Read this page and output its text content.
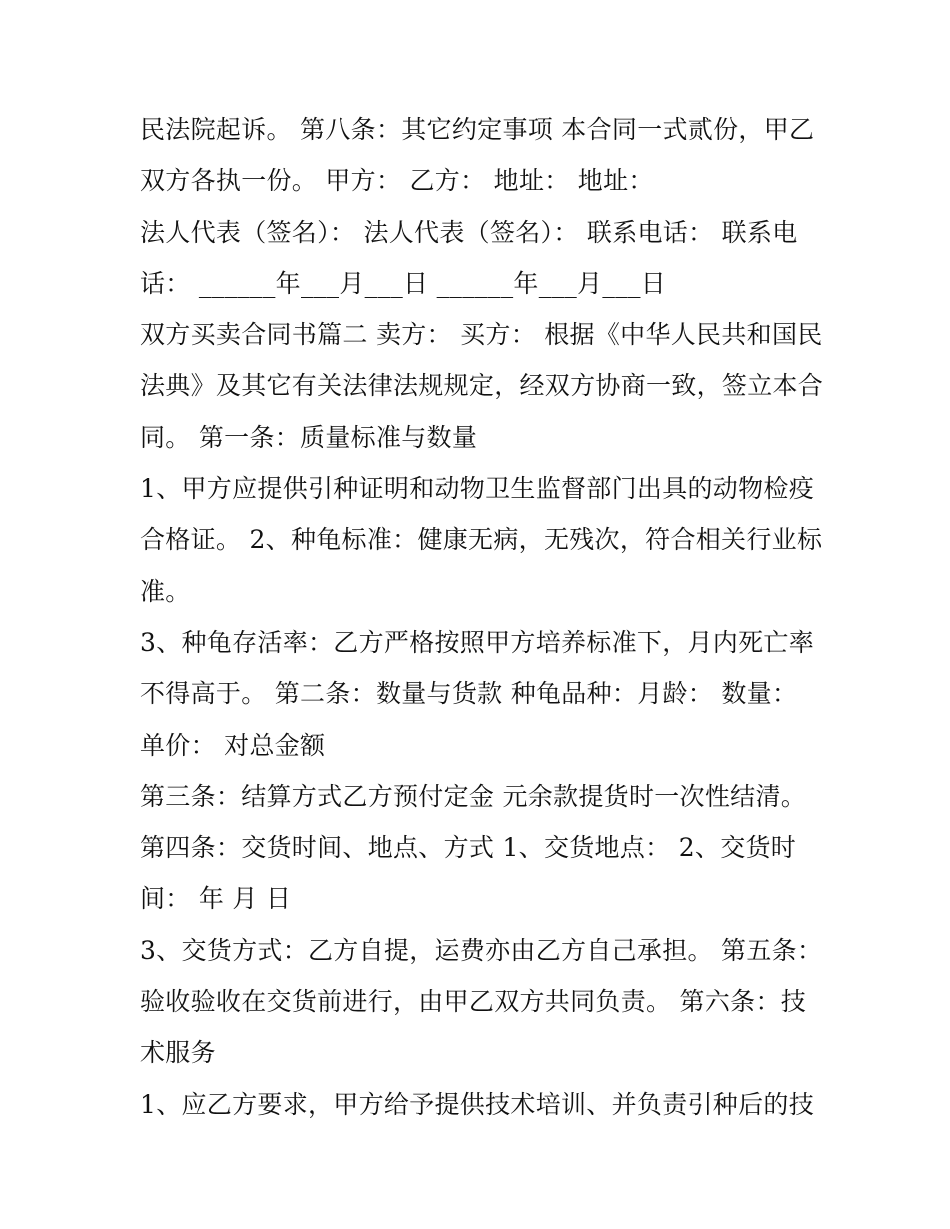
民法院起诉。 第八条：其它约定事项 本合同一式贰份，甲乙
双方各执一份。 甲方： 乙方： 地址： 地址：
法人代表（签名）： 法人代表（签名）： 联系电话： 联系电
话： ______年___月___日 ______年___月___日
双方买卖合同书篇二 卖方： 买方： 根据《中华人民共和国民
法典》及其它有关法律法规规定，经双方协商一致，签立本合
同。 第一条：质量标准与数量
1、甲方应提供引种证明和动物卫生监督部门出具的动物检疫
合格证。 2、种龟标准：健康无病，无残次，符合相关行业标
准。
3、种龟存活率：乙方严格按照甲方培养标准下，月内死亡率
不得高于。 第二条：数量与货款 种龟品种：月龄： 数量：
单价： 对总金额
第三条：结算方式乙方预付定金 元余款提货时一次性结清。
第四条：交货时间、地点、方式 1、交货地点： 2、交货时
间： 年 月 日
3、交货方式：乙方自提，运费亦由乙方自己承担。 第五条：
验收验收在交货前进行，由甲乙双方共同负责。 第六条：技
术服务
1、应乙方要求，甲方给予提供技术培训、并负责引种后的技
